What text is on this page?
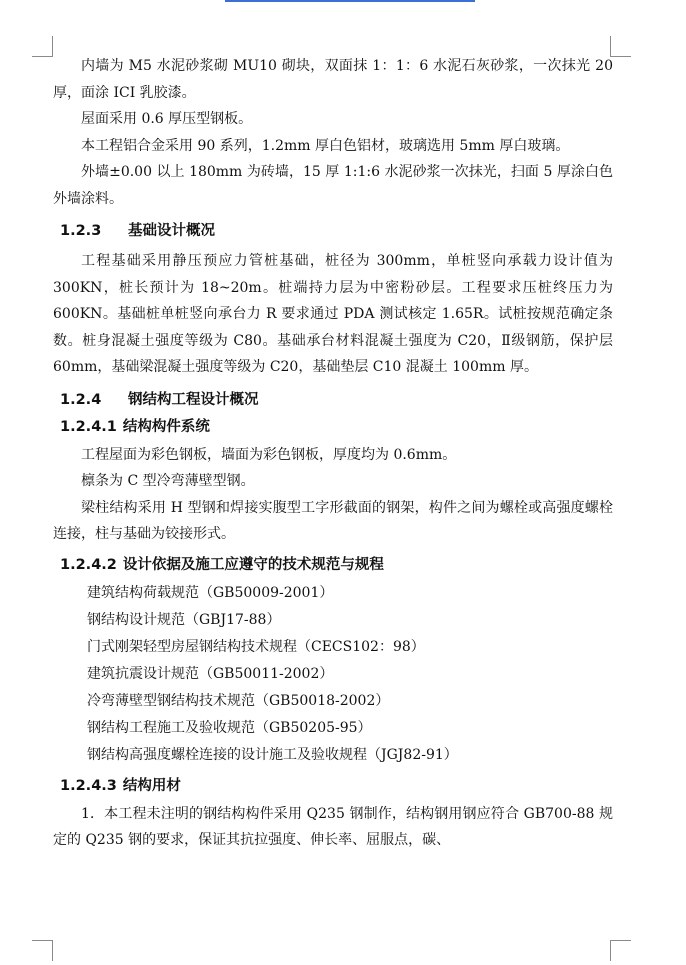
内墙为 M5 水泥砂浆砌 MU10 砌块，双面抹 1：1：6 水泥石灰砂浆，一次抹光 20 厚，面涂 ICI 乳胶漆。

屋面采用 0.6 厚压型钢板。

本工程铝合金采用 90 系列，1.2mm 厚白色铝材，玻璃选用 5mm 厚白玻璃。

外墙±0.00 以上 180mm 为砖墙，15 厚 1:1:6 水泥砂浆一次抹光，扫面 5 厚涂白色外墙涂料。

1.2.3 基础设计概况

工程基础采用静压预应力管桩基础，桩径为 300mm，单桩竖向承载力设计值为 300KN，桩长预计为 18~20m。桩端持力层为中密粉砂层。工程要求压桩终压力为 600KN。基础桩单桩竖向承台力 R 要求通过 PDA 测试核定 1.65R。试桩按规范确定条数。桩身混凝土强度等级为 C80。基础承台材料混凝土强度为 C20，Ⅱ级钢筋，保护层 60mm，基础梁混凝土强度等级为 C20，基础垫层 C10 混凝土 100mm 厚。

1.2.4 钢结构工程设计概况
1.2.4.1 结构构件系统

工程屋面为彩色钢板，墙面为彩色钢板，厚度均为 0.6mm。

檩条为 C 型冷弯薄壁型钢。

梁柱结构采用 H 型钢和焊接实腹型工字形截面的钢架，构件之间为螺栓或高强度螺栓连接，柱与基础为铰接形式。

1.2.4.2 设计依据及施工应遵守的技术规范与规程

建筑结构荷载规范（GB50009-2001）

钢结构设计规范（GBJ17-88）

门式刚架轻型房屋钢结构技术规程（CECS102：98）

建筑抗震设计规范（GB50011-2002）

冷弯薄壁型钢结构技术规范（GB50018-2002）

钢结构工程施工及验收规范（GB50205-95）

钢结构高强度螺栓连接的设计施工及验收规程（JGJ82-91）

1.2.4.3 结构用材

1．本工程未注明的钢结构构件采用 Q235 钢制作，结构钢用钢应符合 GB700-88 规定的 Q235 钢的要求，保证其抗拉强度、伸长率、屈服点，碳、
